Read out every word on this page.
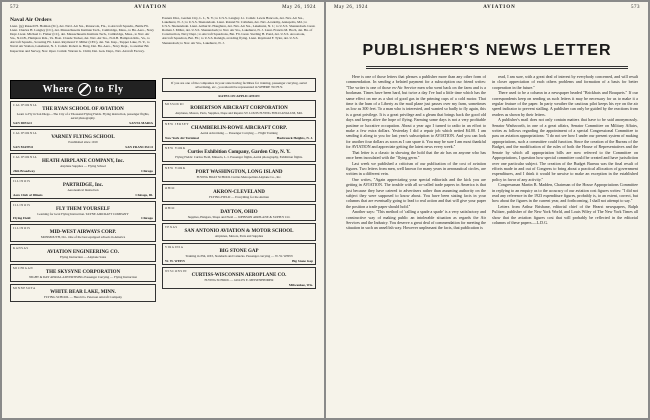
572	AVIATION	May 26, 1924
Naval Air Orders

Lieut. (jg) Russell H. Holman (SC), det. Navl. Air Sta., Pensacola, Fla., to Aircraft Squadn., Battle Flt. Lieut. Charles H. Langley (CC), det. Massachusetts Institute Tech., Cambridge, Mass., to Bu. Aero., Navy Dept. Lieut. Michael C. Fisher (CC), det. Massachusetts Institute Tech., Cambridge, Mass., to Nav. Air Sta., N.O.B., Hampton Rds., Va. Boat. Claude Tucker, det. Nav. Air Sta., N.O.B. Hampton Rds., Va., to Aircraft Squadn., Scouting Flt. Lieut. Raymond V. Miller (CEC), det. Vet. Insp., Tupper Lake, N. Y., to Naval Air Station, Lakehurst, N. J. Comdr. Robert A. Burg, Det. Bu. Aero., Navy Dept., to another Bd. Inspection and Survey, Nav. Oper. Comdr. Warren G. Child, Det. Gen. Dept., Nav. Aircraft Factory.

Eastern Dist., Garden City, L. I., N. Y.; to U.S.S. Langley. Lt. Comdr. Lewis Hancock, det. Nav. Air Sta., Lakehurst, N. J.; to U.S.S. Shenandoah. Lieut. Roland W. Callahan, det. Nav. Academy, Annapolis, Md.; to U.S.S. Shenandoah. Lieut. Arthur R. Houghton, det. Nav. Air Sta., Lakehurst, N. J.; to U.S.S. Shenandoah. Lieut. Roman J. Miller, det. U.S.S. Shenandoah; to Nav. Air Sta., Lakehurst, N. J. Lieut. Francis M. Hoch, det. Bu. of Construction, Navy Dept.; to Aircraft Squadrons, Bat. Flt. Lieut. Sterling H. Pond, det. U.S.S. Aroostook, Aircraft Squadron, Bat. Flt.; to U.S.S. Raleigh, avoiding flying. Lieut. Raymond F. Tyler, det. U.S.S. Shenandoah; to Nav. Air Sta., Lakehurst, N. J.

Where to Fly
CALIFORNIA
THE RYAN SCHOOL OF AVIATION
Learn to Fly in San Diego—The City of a Thousand Flying Fields. Flying instruction, passenger flights, aerial photography.
SAN DIEGO	SANTA MARIA
CALIFORNIA
VARNEY FLYING SCHOOL
Established since 1919
SAN MATEO	SAN FRANCISCO
CALIFORNIA
HEATH AIRPLANE COMPANY, Inc.
Airplane Supplies — Flying School
26th Broadway	Chicago
ILLINOIS
PARTRIDGE, Inc.
Aeronautical Instruction
Aero Club of Illinois	Chicago, Ill.
ILLINOIS
FLY THEM YOURSELF
Learning for local Flying Instruction. TAYNE AIRCRAFT COMPANY
Flying Field	Chicago
ILLINOIS
MID-WEST AIRWAYS CORP.
MONMOUTH, ILL. One of the best equipped schools in America
KANSAS
AVIATION ENGINEERING CO.
Flying Instruction — Airplane Sales
MICHIGAN
THE SKYSYNE CORPORATION
NIGHT & DAY AERIAL ADVERTISING Passenger Carrying — Flying Instruction
MINNESOTA
WHITE BEAR LAKE, MINN.
FLYING SCHOOL — Harold G. Peterson Aircraft Company
If you are one of the companies in your state having facilities for training, passenger carrying, aerial advertising, etc., you should be represented in WHERE TO FLY.
RATES ON APPLICATION
MISSOURI
ROBERTSON AIRCRAFT CORPORATION
Airplanes, Motors, Parts, Supplies, Dope and Repairs ST. LOUIS FLYING FIELD ANGLUM, MO.
NEW JERSEY
CHAMBERLIN-ROWE AIRCRAFT CORP.
Aerial Advertising — Passenger Carrying — Flight Training
New York Air Terminal	Hasbrouck Heights, N. J.
NEW YORK
Curtiss Exhibition Company, Garden City, N. Y.
Flying Fields: Curtiss Field, Mineola, L. I. Passenger flights, Aerial photography, Exhibition flights.
NEW YORK
PORT WASHINGTON, LONG ISLAND
FLYING BOAT SCHOOL Curtiss Metropolitan Airplane Co., Inc.
OHIO
AKRON-CLEVELAND
FLYING FIELD — Everything for the Airman
OHIO
DAYTON, OHIO
Supplies, Hangars, Shops and Field — JOHNSON AIRPLANE & SUPPLY CO.
TEXAS
SAN ANTONIO AVIATION & MOTOR SCHOOL
Airplanes, Motors, Parts and Supplies
VIRGINIA
BIG STONE GAP
Training in JN4, OX5, Standards and Canucks. Passenger carrying — W. W. WEEN
W. W. WEEN	Big Stone Gap
WISCONSIN
CURTISS-WISCONSIN AEROPLANE CO.
FLYING SCHOOL — GILLES E. MEISENHEIMER
Milwaukee, Wis.
May 26, 1924	AVIATION	573
PUBLISHER'S NEWS LETTER

Here is one of those letters that pleases a publisher more than any other form of commendation. In sending a belated payment for a subscription our friend writes: "The writer is one of those ex-Air Service men who went back on the farm and is a bookman. Times have been hard, but twice a day I've had a little time which has the same effect on me as a shot of good gas in the priming cups of a cold motor. That time is the hum of a Liberty as the mail plane just passes over my farm, sometimes as low as 300 feet. To a man who is interested, and wanted so badly to fly again, this is a great privilege. It is a great privilege and a gleam that brings back the good old days and keeps alive the hope of flying. Farming some days is not a very profitable pastime or lucrative occupation. About a year ago I turned to radio in an effort to make a few extra dollars. Yesterday I did a repair job which netted $4.00. I am sending it along to you for last year's subscription to AVIATION. And you can look for another four dollars as soon as I can spare it. You may be sure I am most thankful for AVIATION and appreciate getting the latest news every week."

That letter is a classic in showing the hold that the air has on anyone who has once been inoculated with the "flying germ."

Last week we published a criticism of our publication of the cost of aviation figures. Two letters from men, well known for many years in aeronautical circles, are written in a different vein.

One writes, "Again appreciating your special editorials and the kick you are getting in AVIATION. The trouble with all so-called trade papers in America is that just because they have catered to advertisers rather than assuming authority on the subject they were supposed to know about. You have been stating facts in your columns that are eventually going to lead to real action and that will give your paper the position a trade paper should hold."

Another says: "This method of 'calling a spade a spade' is a very satisfactory and constructive way of making public an intolerable situation as regards the Air Services and the Industry. You deserve a great deal of commendation for meeting the situation in such an unselfish way. However unpleasant the facts, that publication is

read, I am sure, with a great deal of interest by everybody concerned, and will result in closer appreciation of each others problems and formation of a basis for better cooperation in the future."

There used to be a column in a newspaper headed "Brickbats and Bouquets." If our correspondents keep on sending us such letters it may be necessary for us to make it a regular feature of the paper. In party weather the cautious pilot keeps his eye on the air speed indicator to prevent stalling. A publisher can only be guided by the reactions from readers as shown by their letters.

A publisher's mail does not only contain matters that have to be said anonymously. Senator Wadsworth, in one of a great affairs, Senator Committee on Military Affairs, writes as follows regarding the appointment of a special Congressional Committee to pass on aviation appropriations: "I do not see how I under our present system of making appropriations, such a committee could function. Since the creation of the Bureau of the Budget, and the modification of the rules of both the House of Representatives and the Senate by which all appropriation bills are now referred to the Committee on Appropriations, I question how special committee could be created and have jurisdiction over one particular subject. The creation of the Budget Bureau was the final result of efforts made in and out of Congress to bring about a practical allocation of government expenditures, and I think it would be unwise to make an exception in the established policy in favor of any activity."

Congressman Martin B. Madden, Chairman of the House Appropriations Committee in replying to an enquiry as to the accuracy of our aviation cost figures writes: "I did not read any reference in the 1923 expenditure figures, probably is, to an extent, correct, but how about the figures in the current year, and forthcoming, I shall not attempt to say."

Letters from Arthur Brisbane, editorial chief of the Hearst newspapers, Ralph Pulitzer, publisher of the New York World, and Louis Wiley of The New York Times all show that the aviation figures cost that will probably be reflected in the editorial columns of these papers.—L.D.G.
